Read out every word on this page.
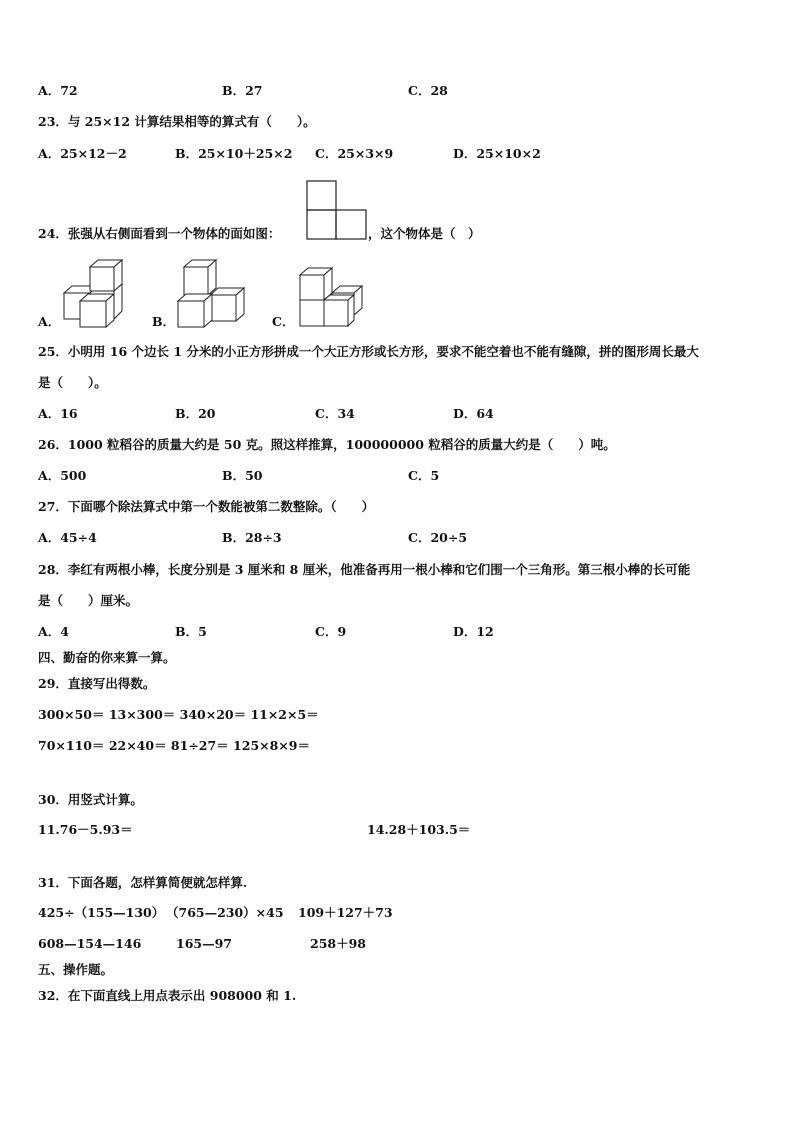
A．72	B．27	C．28
23．与 25×12 计算结果相等的算式有（　　）。
A．25×12－2	B．25×10＋25×2 C．25×3×9	D．25×10×2
24．张强从右侧面看到一个物体的面如图：	，这个物体是（　）
A．	B．	C．
25．小明用 16 个边长 1 分米的小正方形拼成一个大正方形或长方形，要求不能空着也不能有缝隙，拼的图形周长最大
是（　　）。
A．16	B．20	C．34	D．64
26．1000 粒稻谷的质量大约是 50 克。照这样推算，100000000 粒稻谷的质量大约是（　　）吨。
A．500	B．50	C．5
27．下面哪个除法算式中第一个数能被第二数整除。（　　）
A．45÷4	B．28÷3	C．20÷5
28．李红有两根小棒，长度分别是 3 厘米和 8 厘米，他准备再用一根小棒和它们围一个三角形。第三根小棒的长可能
是（　　）厘米。
A．4	B．5	C．9	D．12
四、勤奋的你来算一算。
29．直接写出得数。
300×50＝ 13×300＝ 340×20＝ 11×2×5＝
70×110＝ 22×40＝ 81÷27＝ 125×8×9＝
30．用竖式计算。
11.76－5.93＝	14.28＋103.5＝
31．下面各题，怎样算简便就怎样算.
425÷（155—130） （765—230）×45 109＋127＋73
608—154—146	165—97	258＋98
五、操作题。
32．在下面直线上用点表示出 908000 和 1.
